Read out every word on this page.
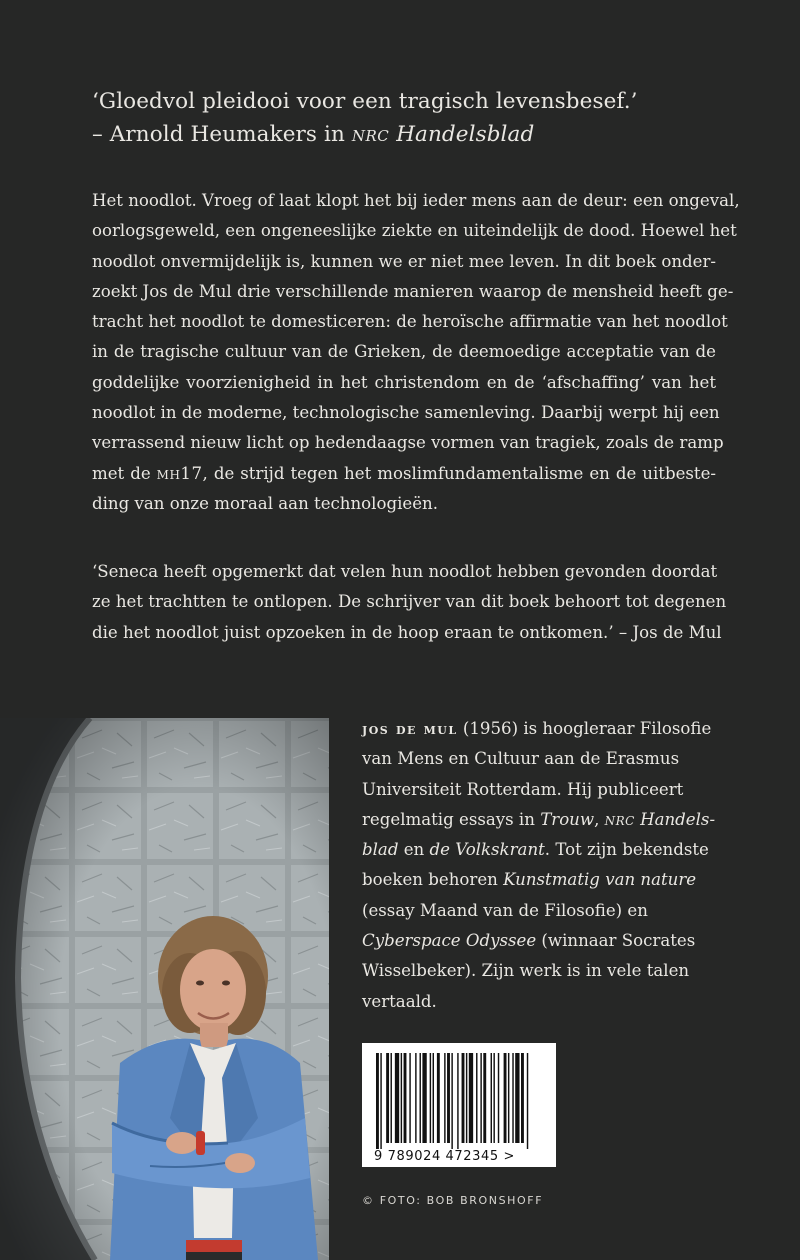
‘Gloedvol pleidooi voor een tragisch levensbesef.’
– Arnold Heumakers in nrc Handelsblad
Het noodlot. Vroeg of laat klopt het bij ieder mens aan de deur: een ongeval,
oorlogsgeweld, een ongeneeslijke ziekte en uiteindelijk de dood. Hoewel het
noodlot onvermijdelijk is, kunnen we er niet mee leven. In dit boek onder-
zoekt Jos de Mul drie verschillende manieren waarop de mensheid heeft ge-
tracht het noodlot te domesticeren: de heroïsche affirmatie van het noodlot
in de tragische cultuur van de Grieken, de deemoedige acceptatie van de
goddelijke voorzienigheid in het christendom en de ‘afschaffing’ van het
noodlot in de moderne, technologische samenleving. Daarbij werpt hij een
verrassend nieuw licht op hedendaagse vormen van tragiek, zoals de ramp
met de mh17, de strijd tegen het moslimfundamentalisme en de uitbeste-
ding van onze moraal aan technologieën.
‘Seneca heeft opgemerkt dat velen hun noodlot hebben gevonden doordat
ze het trachtten te ontlopen. De schrijver van dit boek behoort tot degenen
die het noodlot juist opzoeken in de hoop eraan te ontkomen.’ – Jos de Mul
jos de mul (1956) is hoogleraar Filosofie
van Mens en Cultuur aan de Erasmus
Universiteit Rotterdam. Hij publiceert
regelmatig essays in Trouw, nrc Handels-
blad en de Volkskrant. Tot zijn bekendste
boeken behoren Kunstmatig van nature
(essay Maand van de Filosofie) en
Cyberspace Odyssee (winnaar Socrates
Wisselbeker). Zijn werk is in vele talen
vertaald.
9 789024 472345 >
© FOTO: BOB BRONSHOFF
